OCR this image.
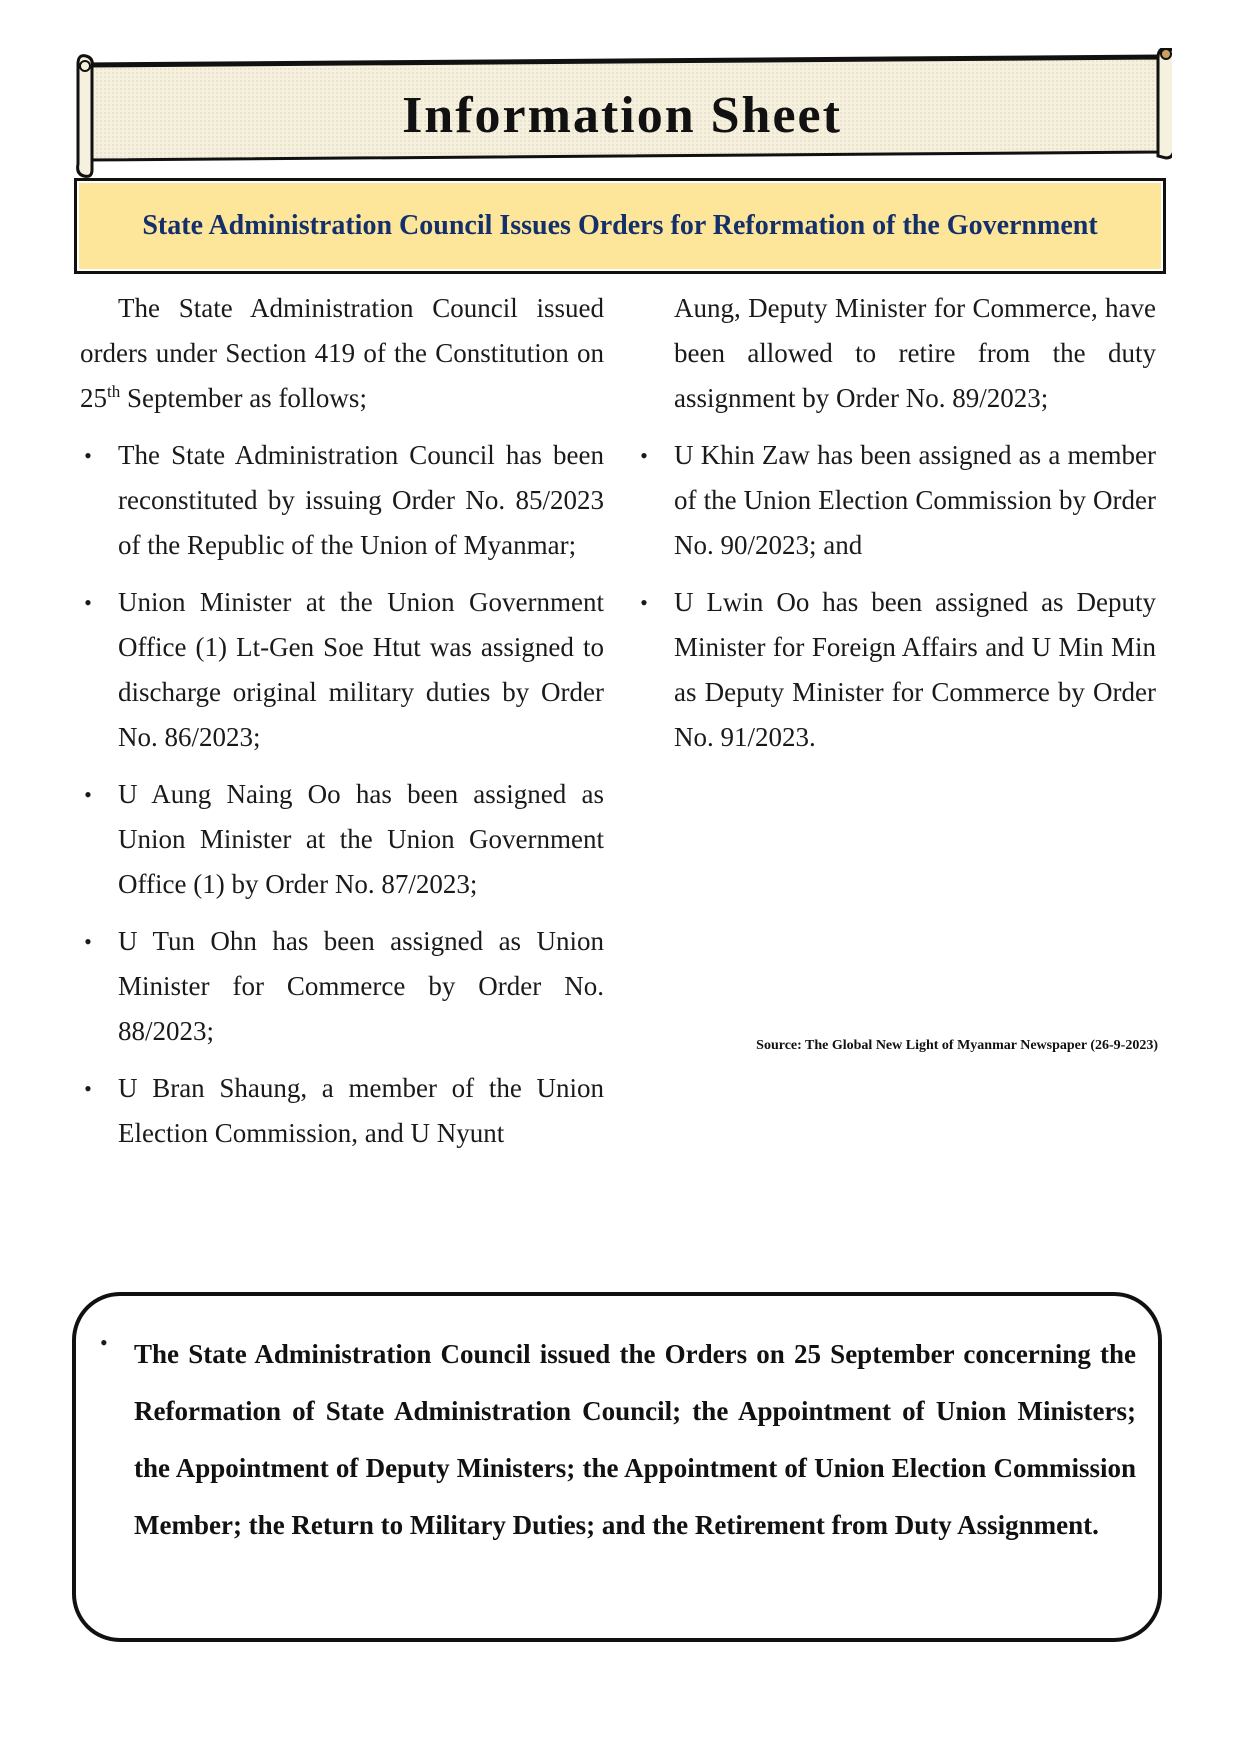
Information Sheet
State Administration Council Issues Orders for Reformation of the Government

The State Administration Council issued orders under Section 419 of the Constitution on 25th September as follows;

• The State Administration Council has been reconstituted by issuing Order No. 85/2023 of the Republic of the Union of Myanmar;
• Union Minister at the Union Government Office (1) Lt-Gen Soe Htut was assigned to discharge original military duties by Order No. 86/2023;
• U Aung Naing Oo has been assigned as Union Minister at the Union Government Office (1) by Order No. 87/2023;
• U Tun Ohn has been assigned as Union Minister for Commerce by Order No. 88/2023;
• U Bran Shaung, a member of the Union Election Commission, and U Nyunt

Aung, Deputy Minister for Commerce, have been allowed to retire from the duty assignment by Order No. 89/2023;

• U Khin Zaw has been assigned as a member of the Union Election Commission by Order No. 90/2023; and
• U Lwin Oo has been assigned as Deputy Minister for Foreign Affairs and U Min Min as Deputy Minister for Commerce by Order No. 91/2023.
Source: The Global New Light of Myanmar Newspaper (26-9-2023)
• The State Administration Council issued the Orders on 25 September concerning the Reformation of State Administration Council; the Appointment of Union Ministers; the Appointment of Deputy Ministers; the Appointment of Union Election Commission Member; the Return to Military Duties; and the Retirement from Duty Assignment.
